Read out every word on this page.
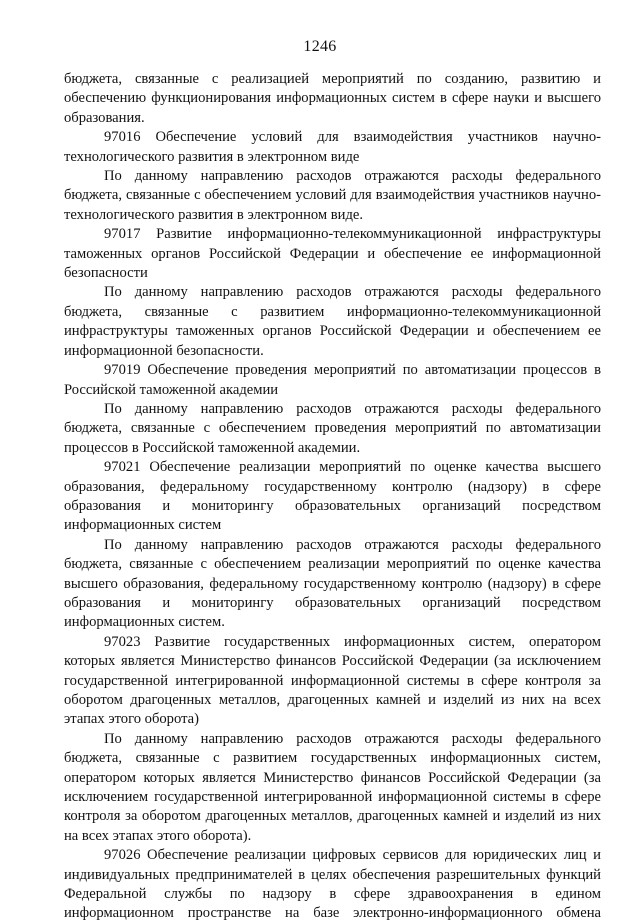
1246

бюджета, связанные с реализацией мероприятий по созданию, развитию и обеспечению функционирования информационных систем в сфере науки и высшего образования.

97016 Обеспечение условий для взаимодействия участников научно-технологического развития в электронном виде

По данному направлению расходов отражаются расходы федерального бюджета, связанные с обеспечением условий для взаимодействия участников научно-технологического развития в электронном виде.

97017 Развитие информационно-телекоммуникационной инфраструктуры таможенных органов Российской Федерации и обеспечение ее информационной безопасности

По данному направлению расходов отражаются расходы федерального бюджета, связанные с развитием информационно-телекоммуникационной инфраструктуры таможенных органов Российской Федерации и обеспечением ее информационной безопасности.

97019 Обеспечение проведения мероприятий по автоматизации процессов в Российской таможенной академии

По данному направлению расходов отражаются расходы федерального бюджета, связанные с обеспечением проведения мероприятий по автоматизации процессов в Российской таможенной академии.

97021 Обеспечение реализации мероприятий по оценке качества высшего образования, федеральному государственному контролю (надзору) в сфере образования и мониторингу образовательных организаций посредством информационных систем

По данному направлению расходов отражаются расходы федерального бюджета, связанные с обеспечением реализации мероприятий по оценке качества высшего образования, федеральному государственному контролю (надзору) в сфере образования и мониторингу образовательных организаций посредством информационных систем.

97023 Развитие государственных информационных систем, оператором которых является Министерство финансов Российской Федерации (за исключением государственной интегрированной информационной системы в сфере контроля за оборотом драгоценных металлов, драгоценных камней и изделий из них на всех этапах этого оборота)

По данному направлению расходов отражаются расходы федерального бюджета, связанные с развитием государственных информационных систем, оператором которых является Министерство финансов Российской Федерации (за исключением государственной интегрированной информационной системы в сфере контроля за оборотом драгоценных металлов, драгоценных камней и изделий из них на всех этапах этого оборота).

97026 Обеспечение реализации цифровых сервисов для юридических лиц и индивидуальных предпринимателей в целях обеспечения разрешительных функций Федеральной службы по надзору в сфере здравоохранения в едином информационном пространстве на базе электронно-информационного обмена
